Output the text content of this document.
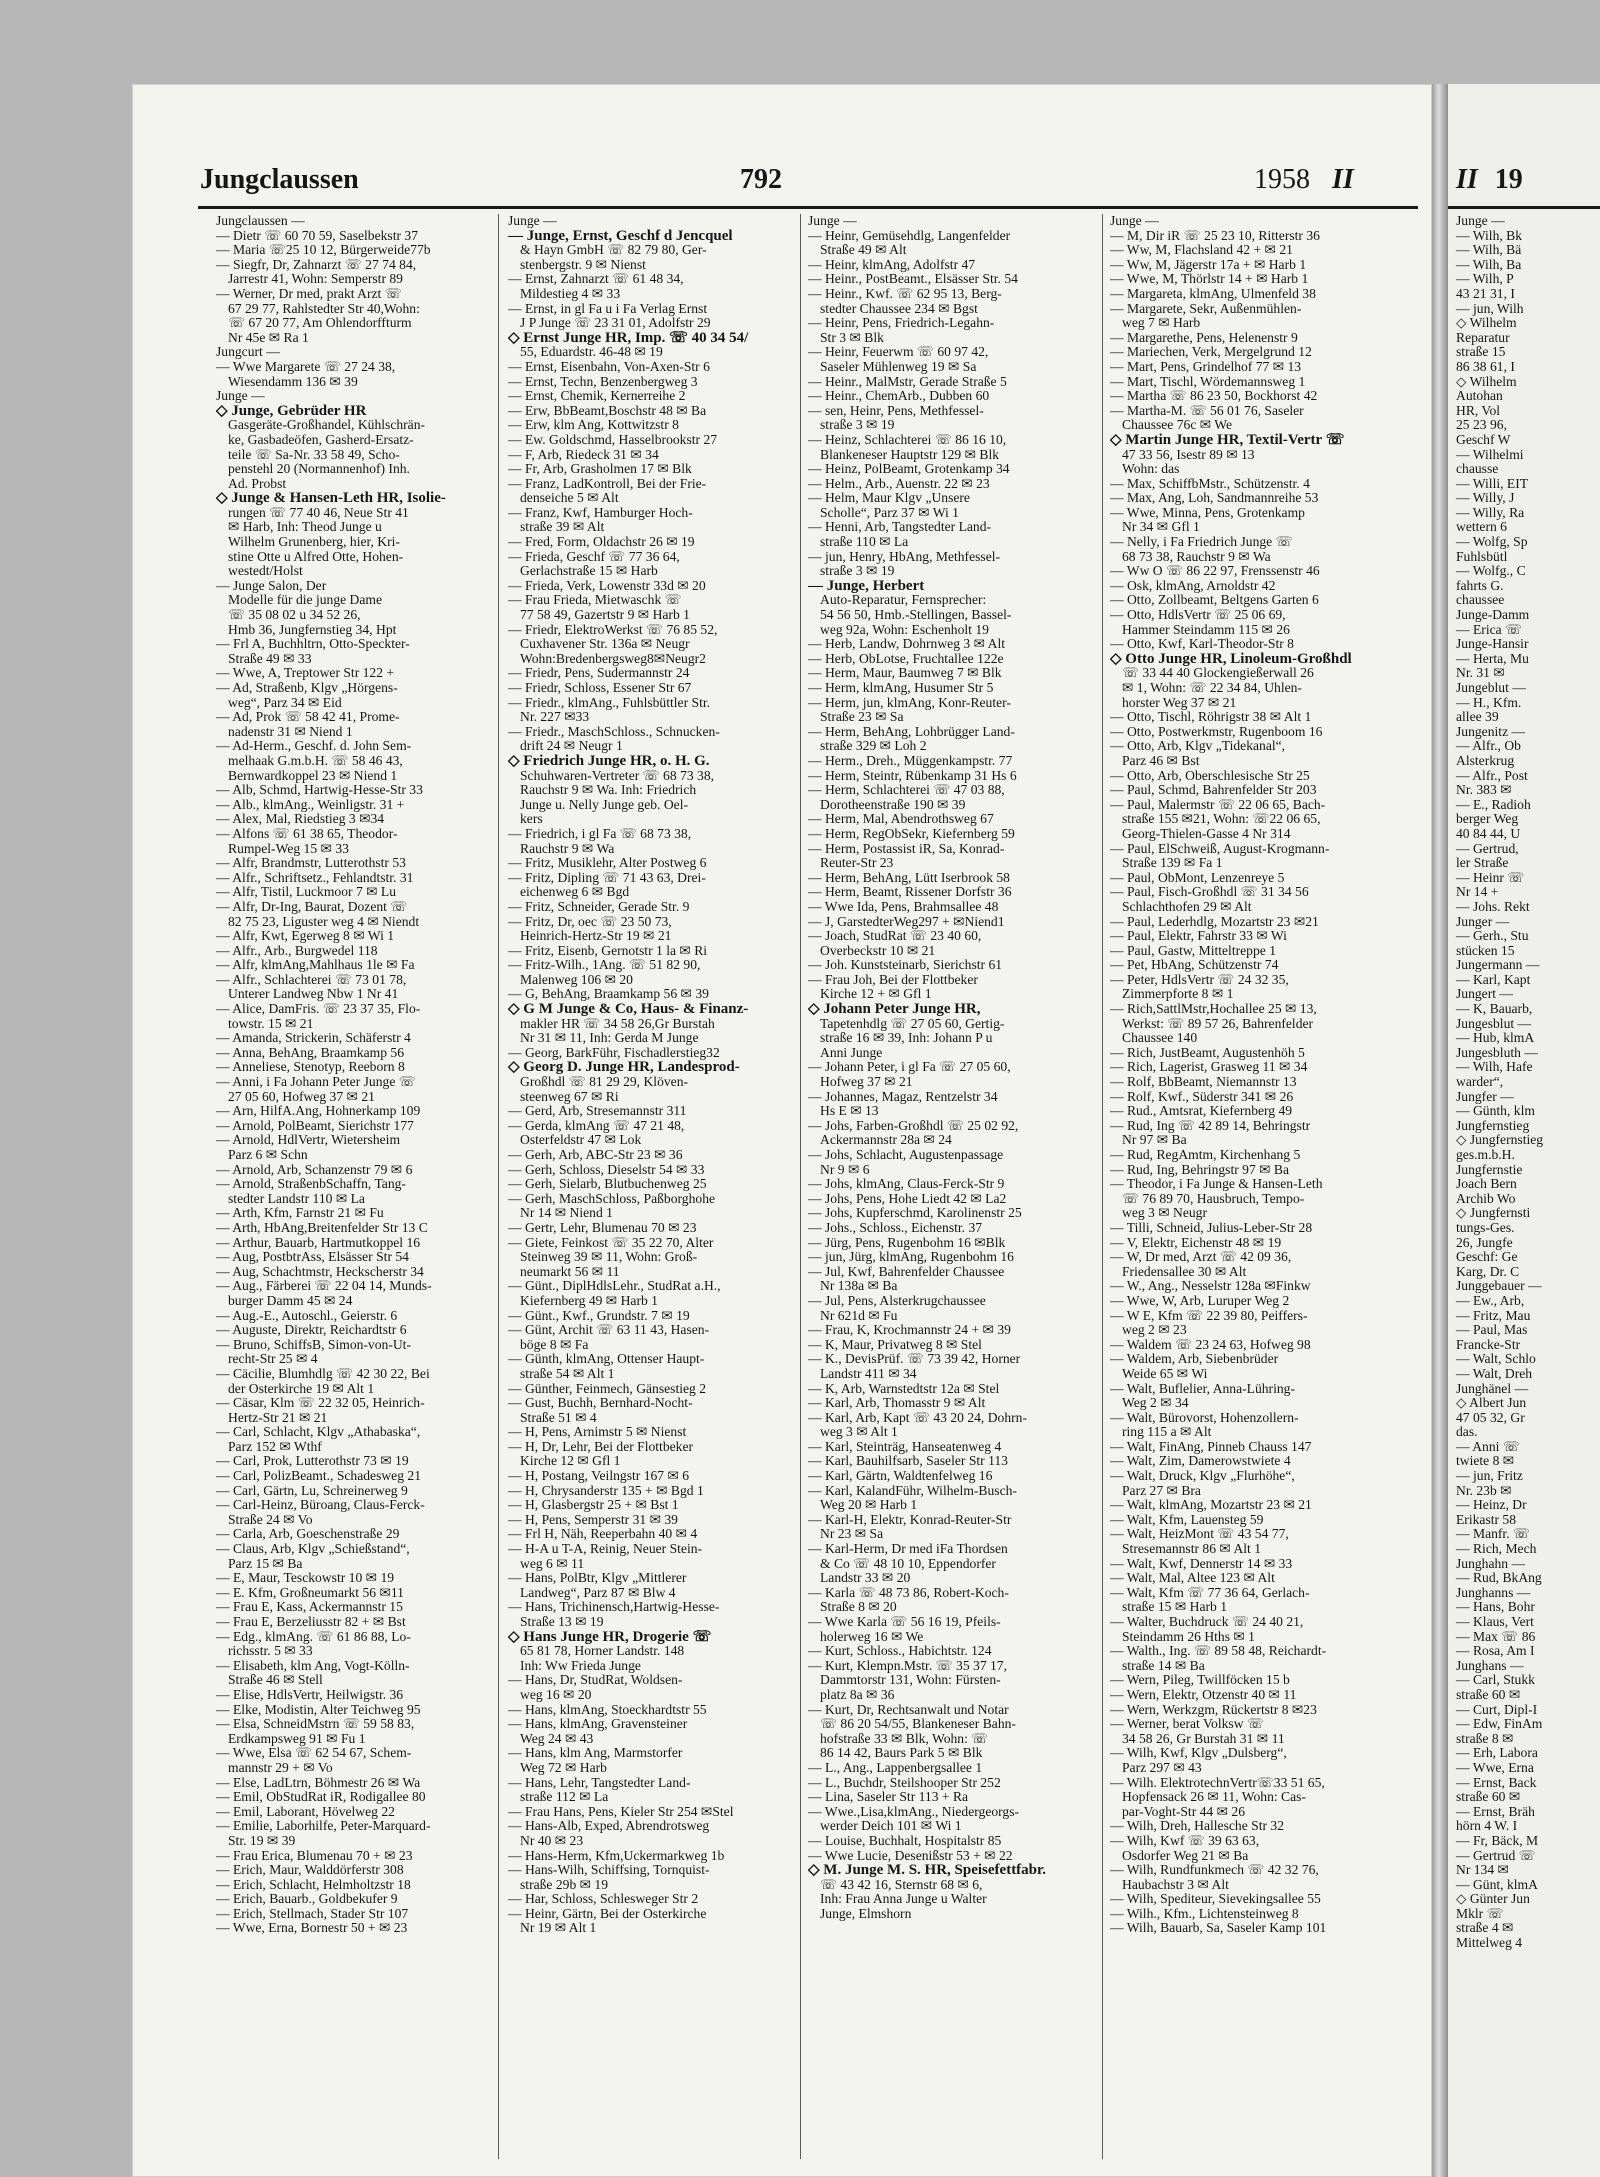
Jungclaussen	792	1958 II
Jungclaussen —
— Dietr ☏ 60 70 59, Saselbekstr 37
— Maria ☏25 10 12, Bürgerweide77b
— Siegfr, Dr, Zahnarzt ☏ 27 74 84,
Jarrestr 41, Wohn: Semperstr 89
— Werner, Dr med, prakt Arzt ☏
67 29 77, Rahlstedter Str 40,Wohn:
☏ 67 20 77, Am Ohlendorffturm
Nr 45e ✉ Ra 1
Jungcurt —
— Wwe Margarete ☏ 27 24 38,
Wiesendamm 136 ✉ 39
Junge —
◇ Junge, Gebrüder HR
Gasgeräte-Großhandel, Kühlschrän-
ke, Gasbadeöfen, Gasherd-Ersatz-
teile ☏ Sa-Nr. 33 58 49, Scho-
penstehl 20 (Normannenhof) Inh.
Ad. Probst
◇ Junge & Hansen-Leth HR, Isolie-
rungen ☏ 77 40 46, Neue Str 41
✉ Harb, Inh: Theod Junge u
Wilhelm Grunenberg, hier, Kri-
stine Otte u Alfred Otte, Hohen-
westedt/Holst
— Junge Salon, Der
Modelle für die junge Dame
☏ 35 08 02 u 34 52 26,
Hmb 36, Jungfernstieg 34, Hpt
— Frl A, Buchhltrn, Otto-Speckter-
Straße 49 ✉ 33
— Wwe, A, Treptower Str 122 +
— Ad, Straßenb, Klgv „Hörgens-
weg“, Parz 34 ✉ Eid
— Ad, Prok ☏ 58 42 41, Prome-
nadenstr 31 ✉ Niend 1
— Ad-Herm., Geschf. d. John Sem-
melhaak G.m.b.H. ☏ 58 46 43,
Bernwardkoppel 23 ✉ Niend 1
— Alb, Schmd, Hartwig-Hesse-Str 33
— Alb., klmAng., Weinligstr. 31 +
— Alex, Mal, Riedstieg 3 ✉34
— Alfons ☏ 61 38 65, Theodor-
Rumpel-Weg 15 ✉ 33
— Alfr, Brandmstr, Lutterothstr 53
— Alfr., Schriftsetz., Fehlandtstr. 31
— Alfr, Tistil, Luckmoor 7 ✉ Lu
— Alfr, Dr-Ing, Baurat, Dozent ☏
82 75 23, Liguster weg 4 ✉ Niendt
— Alfr, Kwt, Egerweg 8 ✉ Wi 1
— Alfr., Arb., Burgwedel 118
— Alfr, klmAng,Mahlhaus 1le ✉ Fa
— Alfr., Schlachterei ☏ 73 01 78,
Unterer Landweg Nbw 1 Nr 41
— Alice, DamFris. ☏ 23 37 35, Flo-
towstr. 15 ✉ 21
— Amanda, Strickerin, Schäferstr 4
— Anna, BehAng, Braamkamp 56
— Anneliese, Stenotyp, Reeborn 8
— Anni, i Fa Johann Peter Junge ☏
27 05 60, Hofweg 37 ✉ 21
— Arn, HilfA.Ang, Hohnerkamp 109
— Arnold, PolBeamt, Sierichstr 177
— Arnold, HdlVertr, Wietersheim
Parz 6 ✉ Schn
— Arnold, Arb, Schanzenstr 79 ✉ 6
— Arnold, StraßenbSchaffn, Tang-
stedter Landstr 110 ✉ La
— Arth, Kfm, Farnstr 21 ✉ Fu
— Arth, HbAng,Breitenfelder Str 13 C
— Arthur, Bauarb, Hartmutkoppel 16
— Aug, PostbtrAss, Elsässer Str 54
— Aug, Schachtmstr, Heckscherstr 34
— Aug., Färberei ☏ 22 04 14, Munds-
burger Damm 45 ✉ 24
— Aug.-E., Autoschl., Geierstr. 6
— Auguste, Direktr, Reichardtstr 6
— Bruno, SchiffsB, Simon-von-Ut-
recht-Str 25 ✉ 4
— Cäcilie, Blumhdlg ☏ 42 30 22, Bei
der Osterkirche 19 ✉ Alt 1
— Cäsar, Klm ☏ 22 32 05, Heinrich-
Hertz-Str 21 ✉ 21
— Carl, Schlacht, Klgv „Athabaska“,
Parz 152 ✉ Wthf
— Carl, Prok, Lutterothstr 73 ✉ 19
— Carl, PolizBeamt., Schadesweg 21
— Carl, Gärtn, Lu, Schreinerweg 9
— Carl-Heinz, Büroang, Claus-Ferck-
Straße 24 ✉ Vo
— Carla, Arb, Goeschenstraße 29
— Claus, Arb, Klgv „Schießstand“,
Parz 15 ✉ Ba
— E, Maur, Tesckowstr 10 ✉ 19
— E. Kfm, Großneumarkt 56 ✉11
— Frau E, Kass, Ackermannstr 15
— Frau E, Berzeliusstr 82 + ✉ Bst
— Edg., klmAng. ☏ 61 86 88, Lo-
richsstr. 5 ✉ 33
— Elisabeth, klm Ang, Vogt-Kölln-
Straße 46 ✉ Stell
— Elise, HdlsVertr, Heilwigstr. 36
— Elke, Modistin, Alter Teichweg 95
— Elsa, SchneidMstrn ☏ 59 58 83,
Erdkampsweg 91 ✉ Fu 1
— Wwe, Elsa ☏ 62 54 67, Schem-
mannstr 29 + ✉ Vo
— Else, LadLtrn, Böhmestr 26 ✉ Wa
— Emil, ObStudRat iR, Rodigallee 80
— Emil, Laborant, Hövelweg 22
— Emilie, Laborhilfe, Peter-Marquard-
Str. 19 ✉ 39
— Frau Erica, Blumenau 70 + ✉ 23
— Erich, Maur, Walddörferstr 308
— Erich, Schlacht, Helmholtzstr 18
— Erich, Bauarb., Goldbekufer 9
— Erich, Stellmach, Stader Str 107
— Wwe, Erna, Bornestr 50 + ✉ 23
Junge —
— Junge, Ernst, Geschf d Jencquel
& Hayn GmbH ☏ 82 79 80, Ger-
stenbergstr. 9 ✉ Nienst
— Ernst, Zahnarzt ☏ 61 48 34,
Mildestieg 4 ✉ 33
— Ernst, in gl Fa u i Fa Verlag Ernst
J P Junge ☏ 23 31 01, Adolfstr 29
◇ Ernst Junge HR, Imp. ☏ 40 34 54/
55, Eduardstr. 46-48 ✉ 19
— Ernst, Eisenbahn, Von-Axen-Str 6
— Ernst, Techn, Benzenbergweg 3
— Ernst, Chemik, Kernerreihe 2
— Erw, BbBeamt,Boschstr 48 ✉ Ba
— Erw, klm Ang, Kottwitzstr 8
— Ew. Goldschmd, Hasselbrookstr 27
— F, Arb, Riedeck 31 ✉ 34
— Fr, Arb, Grasholmen 17 ✉ Blk
— Franz, LadKontroll, Bei der Frie-
denseiche 5 ✉ Alt
— Franz, Kwf, Hamburger Hoch-
straße 39 ✉ Alt
— Fred, Form, Oldachstr 26 ✉ 19
— Frieda, Geschf ☏ 77 36 64,
Gerlachstraße 15 ✉ Harb
— Frieda, Verk, Lowenstr 33d ✉ 20
— Frau Frieda, Mietwaschk ☏
77 58 49, Gazertstr 9 ✉ Harb 1
— Friedr, ElektroWerkst ☏ 76 85 52,
Cuxhavener Str. 136a ✉ Neugr
Wohn:Bredenbergsweg8✉Neugr2
— Friedr, Pens, Sudermannstr 24
— Friedr, Schloss, Essener Str 67
— Friedr., klmAng., Fuhlsbüttler Str.
Nr. 227 ✉33
— Friedr., MaschSchloss., Schnucken-
drift 24 ✉ Neugr 1
◇ Friedrich Junge HR, o. H. G.
Schuhwaren-Vertreter ☏ 68 73 38,
Rauchstr 9 ✉ Wa. Inh: Friedrich
Junge u. Nelly Junge geb. Oel-
kers
— Friedrich, i gl Fa ☏ 68 73 38,
Rauchstr 9 ✉ Wa
— Fritz, Musiklehr, Alter Postweg 6
— Fritz, Dipling ☏ 71 43 63, Drei-
eichenweg 6 ✉ Bgd
— Fritz, Schneider, Gerade Str. 9
— Fritz, Dr, oec ☏ 23 50 73,
Heinrich-Hertz-Str 19 ✉ 21
— Fritz, Eisenb, Gernotstr 1 la ✉ Ri
— Fritz-Wilh., 1Ang. ☏ 51 82 90,
Malenweg 106 ✉ 20
— G, BehAng, Braamkamp 56 ✉ 39
◇ G M Junge & Co, Haus- & Finanz-
makler HR ☏ 34 58 26,Gr Burstah
Nr 31 ✉ 11, Inh: Gerda M Junge
— Georg, BarkFühr, Fischadlerstieg32
◇ Georg D. Junge HR, Landesprod-
Großhdl ☏ 81 29 29, Klöven-
steenweg 67 ✉ Ri
— Gerd, Arb, Stresemannstr 311
— Gerda, klmAng ☏ 47 21 48,
Osterfeldstr 47 ✉ Lok
— Gerh, Arb, ABC-Str 23 ✉ 36
— Gerh, Schloss, Dieselstr 54 ✉ 33
— Gerh, Sielarb, Blutbuchenweg 25
— Gerh, MaschSchloss, Paßborghohe
Nr 14 ✉ Niend 1
— Gertr, Lehr, Blumenau 70 ✉ 23
— Giete, Feinkost ☏ 35 22 70, Alter
Steinweg 39 ✉ 11, Wohn: Groß-
neumarkt 56 ✉ 11
— Günt., DiplHdlsLehr., StudRat a.H.,
Kiefernberg 49 ✉ Harb 1
— Günt., Kwf., Grundstr. 7 ✉ 19
— Günt, Archit ☏ 63 11 43, Hasen-
böge 8 ✉ Fa
— Günth, klmAng, Ottenser Haupt-
straße 54 ✉ Alt 1
— Günther, Feinmech, Gänsestieg 2
— Gust, Buchh, Bernhard-Nocht-
Straße 51 ✉ 4
— H, Pens, Arnimstr 5 ✉ Nienst
— H, Dr, Lehr, Bei der Flottbeker
Kirche 12 ✉ Gfl 1
— H, Postang, Veilngstr 167 ✉ 6
— H, Chrysanderstr 135 + ✉ Bgd 1
— H, Glasbergstr 25 + ✉ Bst 1
— H, Pens, Semperstr 31 ✉ 39
— Frl H, Näh, Reeperbahn 40 ✉ 4
— H-A u T-A, Reinig, Neuer Stein-
weg 6 ✉ 11
— Hans, PolBtr, Klgv „Mittlerer
Landweg“, Parz 87 ✉ Blw 4
— Hans, Trichinensch,Hartwig-Hesse-
Straße 13 ✉ 19
◇ Hans Junge HR, Drogerie ☏
65 81 78, Horner Landstr. 148
Inh: Ww Frieda Junge
— Hans, Dr, StudRat, Woldsen-
weg 16 ✉ 20
— Hans, klmAng, Stoeckhardtstr 55
— Hans, klmAng, Gravensteiner
Weg 24 ✉ 43
— Hans, klm Ang, Marmstorfer
Weg 72 ✉ Harb
— Hans, Lehr, Tangstedter Land-
straße 112 ✉ La
— Frau Hans, Pens, Kieler Str 254 ✉Stel
— Hans-Alb, Exped, Abrendrotsweg
Nr 40 ✉ 23
— Hans-Herm, Kfm,Uckermarkweg 1b
— Hans-Wilh, Schiffsing, Tornquist-
straße 29b ✉ 19
— Har, Schloss, Schlesweger Str 2
— Heinr, Gärtn, Bei der Osterkirche
Nr 19 ✉ Alt 1
Junge —
— Heinr, Gemüsehdlg, Langenfelder
Straße 49 ✉ Alt
— Heinr, klmAng, Adolfstr 47
— Heinr., PostBeamt., Elsässer Str. 54
— Heinr., Kwf. ☏ 62 95 13, Berg-
stedter Chaussee 234 ✉ Bgst
— Heinr, Pens, Friedrich-Legahn-
Str 3 ✉ Blk
— Heinr, Feuerwm ☏ 60 97 42,
Saseler Mühlenweg 19 ✉ Sa
— Heinr., MalMstr, Gerade Straße 5
— Heinr., ChemArb., Dubben 60
— sen, Heinr, Pens, Methfessel-
straße 3 ✉ 19
— Heinz, Schlachterei ☏ 86 16 10,
Blankeneser Hauptstr 129 ✉ Blk
— Heinz, PolBeamt, Grotenkamp 34
— Helm., Arb., Auenstr. 22 ✉ 23
— Helm, Maur Klgv „Unsere
Scholle“, Parz 37 ✉ Wi 1
— Henni, Arb, Tangstedter Land-
straße 110 ✉ La
— jun, Henry, HbAng, Methfessel-
straße 3 ✉ 19
— Junge, Herbert
Auto-Reparatur, Fernsprecher:
54 56 50, Hmb.-Stellingen, Bassel-
weg 92a, Wohn: Eschenholt 19
— Herb, Landw, Dohrnweg 3 ✉ Alt
— Herb, ObLotse, Fruchtallee 122e
— Herm, Maur, Baumweg 7 ✉ Blk
— Herm, klmAng, Husumer Str 5
— Herm, jun, klmAng, Konr-Reuter-
Straße 23 ✉ Sa
— Herm, BehAng, Lohbrügger Land-
straße 329 ✉ Loh 2
— Herm., Dreh., Müggenkampstr. 77
— Herm, Steintr, Rübenkamp 31 Hs 6
— Herm, Schlachterei ☏ 47 03 88,
Dorotheenstraße 190 ✉ 39
— Herm, Mal, Abendrothsweg 67
— Herm, RegObSekr, Kiefernberg 59
— Herm, Postassist iR, Sa, Konrad-
Reuter-Str 23
— Herm, BehAng, Lütt Iserbrook 58
— Herm, Beamt, Rissener Dorfstr 36
— Wwe Ida, Pens, Brahmsallee 48
— J, GarstedterWeg297 + ✉Niend1
— Joach, StudRat ☏ 23 40 60,
Overbeckstr 10 ✉ 21
— Joh. Kunststeinarb, Sierichstr 61
— Frau Joh, Bei der Flottbeker
Kirche 12 + ✉ Gfl 1
◇ Johann Peter Junge HR,
Tapetenhdlg ☏ 27 05 60, Gertig-
straße 16 ✉ 39, Inh: Johann P u
Anni Junge
— Johann Peter, i gl Fa ☏ 27 05 60,
Hofweg 37 ✉ 21
— Johannes, Magaz, Rentzelstr 34
Hs E ✉ 13
— Johs, Farben-Großhdl ☏ 25 02 92,
Ackermannstr 28a ✉ 24
— Johs, Schlacht, Augustenpassage
Nr 9 ✉ 6
— Johs, klmAng, Claus-Ferck-Str 9
— Johs, Pens, Hohe Liedt 42 ✉ La2
— Johs, Kupferschmd, Karolinenstr 25
— Johs., Schloss., Eichenstr. 37
— Jürg, Pens, Rugenbohm 16 ✉Blk
— jun, Jürg, klmAng, Rugenbohm 16
— Jul, Kwf, Bahrenfelder Chaussee
Nr 138a ✉ Ba
— Jul, Pens, Alsterkrugchaussee
Nr 621d ✉ Fu
— Frau, K, Krochmannstr 24 + ✉ 39
— K, Maur, Privatweg 8 ✉ Stel
— K., DevisPrüf. ☏ 73 39 42, Horner
Landstr 411 ✉ 34
— K, Arb, Warnstedtstr 12a ✉ Stel
— Karl, Arb, Thomasstr 9 ✉ Alt
— Karl, Arb, Kapt ☏ 43 20 24, Dohrn-
weg 3 ✉ Alt 1
— Karl, Steinträg, Hanseatenweg 4
— Karl, Bauhilfsarb, Saseler Str 113
— Karl, Gärtn, Waldtenfelweg 16
— Karl, KalandFühr, Wilhelm-Busch-
Weg 20 ✉ Harb 1
— Karl-H, Elektr, Konrad-Reuter-Str
Nr 23 ✉ Sa
— Karl-Herm, Dr med iFa Thordsen
& Co ☏ 48 10 10, Eppendorfer
Landstr 33 ✉ 20
— Karla ☏ 48 73 86, Robert-Koch-
Straße 8 ✉ 20
— Wwe Karla ☏ 56 16 19, Pfeils-
holerweg 16 ✉ We
— Kurt, Schloss., Habichtstr. 124
— Kurt, Klempn.Mstr. ☏ 35 37 17,
Dammtorstr 131, Wohn: Fürsten-
platz 8a ✉ 36
— Kurt, Dr, Rechtsanwalt und Notar
☏ 86 20 54/55, Blankeneser Bahn-
hofstraße 33 ✉ Blk, Wohn: ☏
86 14 42, Baurs Park 5 ✉ Blk
— L., Ang., Lappenbergsallee 1
— L., Buchdr, Steilshooper Str 252
— Lina, Saseler Str 113 + Ra
— Wwe.,Lisa,klmAng., Niedergeorgs-
werder Deich 101 ✉ Wi 1
— Louise, Buchhalt, Hospitalstr 85
— Wwe Lucie, Desenißstr 53 + ✉ 22
◇ M. Junge M. S. HR, Speisefettfabr.
☏ 43 42 16, Sternstr 68 ✉ 6,
Inh: Frau Anna Junge u Walter
Junge, Elmshorn
Junge —
— M, Dir iR ☏ 25 23 10, Ritterstr 36
— Ww, M, Flachsland 42 + ✉ 21
— Ww, M, Jägerstr 17a + ✉ Harb 1
— Wwe, M, Thörlstr 14 + ✉ Harb 1
— Margareta, klmAng, Ulmenfeld 38
— Margarete, Sekr, Außenmühlen-
weg 7 ✉ Harb
— Margarethe, Pens, Helenenstr 9
— Mariechen, Verk, Mergelgrund 12
— Mart, Pens, Grindelhof 77 ✉ 13
— Mart, Tischl, Wördemannsweg 1
— Martha ☏ 86 23 50, Bockhorst 42
— Martha-M. ☏ 56 01 76, Saseler
Chaussee 76c ✉ We
◇ Martin Junge HR, Textil-Vertr ☏
47 33 56, Isestr 89 ✉ 13
Wohn: das
— Max, SchiffbMstr., Schützenstr. 4
— Max, Ang, Loh, Sandmannreihe 53
— Wwe, Minna, Pens, Grotenkamp
Nr 34 ✉ Gfl 1
— Nelly, i Fa Friedrich Junge ☏
68 73 38, Rauchstr 9 ✉ Wa
— Ww O ☏ 86 22 97, Frenssenstr 46
— Osk, klmAng, Arnoldstr 42
— Otto, Zollbeamt, Beltgens Garten 6
— Otto, HdlsVertr ☏ 25 06 69,
Hammer Steindamm 115 ✉ 26
— Otto, Kwf, Karl-Theodor-Str 8
◇ Otto Junge HR, Linoleum-Großhdl
☏ 33 44 40 Glockengießerwall 26
✉ 1, Wohn: ☏ 22 34 84, Uhlen-
horster Weg 37 ✉ 21
— Otto, Tischl, Röhrigstr 38 ✉ Alt 1
— Otto, Postwerkmstr, Rugenboom 16
— Otto, Arb, Klgv „Tidekanal“,
Parz 46 ✉ Bst
— Otto, Arb, Oberschlesische Str 25
— Paul, Schmd, Bahrenfelder Str 203
— Paul, Malermstr ☏ 22 06 65, Bach-
straße 155 ✉21, Wohn: ☏22 06 65,
Georg-Thielen-Gasse 4 Nr 314
— Paul, ElSchweiß, August-Krogmann-
Straße 139 ✉ Fa 1
— Paul, ObMont, Lenzenreye 5
— Paul, Fisch-Großhdl ☏ 31 34 56
Schlachthofen 29 ✉ Alt
— Paul, Lederhdlg, Mozartstr 23 ✉21
— Paul, Elektr, Fahrstr 33 ✉ Wi
— Paul, Gastw, Mitteltreppe 1
— Pet, HbAng, Schützenstr 74
— Peter, HdlsVertr ☏ 24 32 35,
Zimmerpforte 8 ✉ 1
— Rich,SattlMstr,Hochallee 25 ✉ 13,
Werkst: ☏ 89 57 26, Bahrenfelder
Chaussee 140
— Rich, JustBeamt, Augustenhöh 5
— Rich, Lagerist, Grasweg 11 ✉ 34
— Rolf, BbBeamt, Niemannstr 13
— Rolf, Kwf., Süderstr 341 ✉ 26
— Rud., Amtsrat, Kiefernberg 49
— Rud, Ing ☏ 42 89 14, Behringstr
Nr 97 ✉ Ba
— Rud, RegAmtm, Kirchenhang 5
— Rud, Ing, Behringstr 97 ✉ Ba
— Theodor, i Fa Junge & Hansen-Leth
☏ 76 89 70, Hausbruch, Tempo-
weg 3 ✉ Neugr
— Tilli, Schneid, Julius-Leber-Str 28
— V, Elektr, Eichenstr 48 ✉ 19
— W, Dr med, Arzt ☏ 42 09 36,
Friedensallee 30 ✉ Alt
— W., Ang., Nesselstr 128a ✉Finkw
— Wwe, W, Arb, Luruper Weg 2
— W E, Kfm ☏ 22 39 80, Peiffers-
weg 2 ✉ 23
— Waldem ☏ 23 24 63, Hofweg 98
— Waldem, Arb, Siebenbrüder
Weide 65 ✉ Wi
— Walt, Buflelier, Anna-Lühring-
Weg 2 ✉ 34
— Walt, Bürovorst, Hohenzollern-
ring 115 a ✉ Alt
— Walt, FinAng, Pinneb Chauss 147
— Walt, Zim, Damerowstwiete 4
— Walt, Druck, Klgv „Flurhöhe“,
Parz 27 ✉ Bra
— Walt, klmAng, Mozartstr 23 ✉ 21
— Walt, Kfm, Lauensteg 59
— Walt, HeizMont ☏ 43 54 77,
Stresemannstr 86 ✉ Alt 1
— Walt, Kwf, Dennerstr 14 ✉ 33
— Walt, Mal, Altee 123 ✉ Alt
— Walt, Kfm ☏ 77 36 64, Gerlach-
straße 15 ✉ Harb 1
— Walter, Buchdruck ☏ 24 40 21,
Steindamm 26 Hths ✉ 1
— Walth., Ing. ☏ 89 58 48, Reichardt-
straße 14 ✉ Ba
— Wern, Pileg, Twillföcken 15 b
— Wern, Elektr, Otzenstr 40 ✉ 11
— Wern, Werkzgm, Rückertstr 8 ✉23
— Werner, berat Volksw ☏
34 58 26, Gr Burstah 31 ✉ 11
— Wilh, Kwf, Klgv „Dulsberg“,
Parz 297 ✉ 43
— Wilh. ElektrotechnVertr☏33 51 65,
Hopfensack 26 ✉ 11, Wohn: Cas-
par-Voght-Str 44 ✉ 26
— Wilh, Dreh, Hallesche Str 32
— Wilh, Kwf ☏ 39 63 63,
Osdorfer Weg 21 ✉ Ba
— Wilh, Rundfunkmech ☏ 42 32 76,
Haubachstr 3 ✉ Alt
— Wilh, Spediteur, Sievekingsallee 55
— Wilh., Kfm., Lichtensteinweg 8
— Wilh, Bauarb, Sa, Saseler Kamp 101
II 19
Junge —
— Wilh, Bk
— Wilh, Bä
— Wilh, Ba
— Wilh, P
43 21 31, I
— jun, Wilh
◇ Wilhelm
Reparatur
straße 15
86 38 61, I
◇ Wilhelm
Autohan
HR, Vol
25 23 96,
Geschf W
— Wilhelmi
chausse
— Willi, EIT
— Willy, J
— Willy, Ra
wettern 6
— Wolfg, Sp
Fuhlsbütl
— Wolfg., C
fahrts G.
chaussee
Junge-Damm
— Erica ☏
Junge-Hansir
— Herta, Mu
Nr. 31 ✉
Jungeblut —
— H., Kfm.
allee 39
Jungenitz —
— Alfr., Ob
Alsterkrug
— Alfr., Post
Nr. 383 ✉
— E., Radioh
berger Weg
40 84 44, U
— Gertrud,
ler Straße
— Heinr ☏
Nr 14 +
— Johs. Rekt
Junger —
— Gerh., Stu
stücken 15
Jungermann —
— Karl, Kapt
Jungert —
— K, Bauarb,
Jungesblut —
— Hub, klmA
Jungesbluth —
— Wilh, Hafe
warder“,
Jungfer —
— Günth, klm
Jungfernstieg
◇ Jungfernstieg
ges.m.b.H.
Jungfernstie
Joach Bern
Archib Wo
◇ Jungfernsti
tungs-Ges.
26, Jungfe
Geschf: Ge
Karg, Dr. C
Junggebauer —
— Ew., Arb,
— Fritz, Mau
— Paul, Mas
Francke-Str
— Walt, Schlo
— Walt, Dreh
Junghänel —
◇ Albert Jun
47 05 32, Gr
das.
— Anni ☏
twiete 8 ✉
— jun, Fritz
Nr. 23b ✉
— Heinz, Dr
Erikastr 58
— Manfr. ☏
— Rich, Mech
Junghahn —
— Rud, BkAng
Junghanns —
— Hans, Bohr
— Klaus, Vert
— Max ☏ 86
— Rosa, Am I
Junghans —
— Carl, Stukk
straße 60 ✉
— Curt, Dipl-I
— Edw, FinAm
straße 8 ✉
— Erh, Labora
— Wwe, Erna
— Ernst, Back
straße 60 ✉
— Ernst, Bräh
hörn 4 W. I
— Fr, Bäck, M
— Gertrud ☏
Nr 134 ✉
— Günt, klmA
◇ Günter Jun
Mklr ☏
straße 4 ✉
Mittelweg 4
